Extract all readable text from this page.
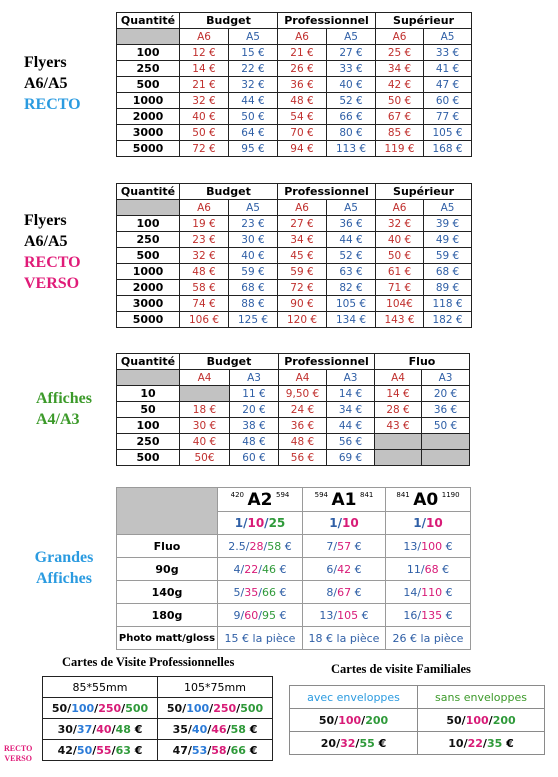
Flyers
A6/A5
RECTO
Quantité	Budget		Professionnel		Supérieur	
	A6	A5	A6	A5	A6	A5
100	12 €	15 €	21 €	27 €	25 €	33 €
250	14 €	22 €	26 €	33 €	34 €	41 €
500	21 €	32 €	36 €	40 €	42 €	47 €
1000	32 €	44 €	48 €	52 €	50 €	60 €
2000	40 €	50 €	54 €	66 €	67 €	77 €
3000	50 €	64 €	70 €	80 €	85 €	105 €
5000	72 €	95 €	94 €	113 €	119 €	168 €
Flyers
A6/A5
RECTO
VERSO
Quantité	Budget		Professionnel		Supérieur	
	A6	A5	A6	A5	A6	A5
100	19 €	23 €	27 €	36 €	32 €	39 €
250	23 €	30 €	34 €	44 €	40 €	49 €
500	32 €	40 €	45 €	52 €	50 €	59 €
1000	48 €	59 €	59 €	63 €	61 €	68 €
2000	58 €	68 €	72 €	82 €	71 €	89 €
3000	74 €	88 €	90 €	105 €	104€	118 €
5000	106 €	125 €	120 €	134 €	143 €	182 €
Affiches
A4/A3
Quantité	Budget		Professionnel		Fluo	
	A4	A3	A4	A3	A4	A3
10		11 €	9,50 €	14 €	14 €	20 €
50	18 €	20 €	24 €	34 €	28 €	36 €
100	30 €	38 €	36 €	44 €	43 €	50 €
250	40 €	48 €	48 €	56 €		
500	50€	60 €	56 €	69 €		
Grandes
Affiches
	$^{420}$ A2 $^{594}$	$^{594}$ A1 $^{841}$	$^{841}$ A0 $^{1190}$
	1/10/25	1/10	1/10
Fluo	2.5/28/58 €	7/57 €	13/100 €
90g	4/22/46 €	6/42 €	11/68 €
140g	5/35/66 €	8/67 €	14/110 €
180g	9/60/95 €	13/105 €	16/135 €
Photo matt/gloss	15 € la pièce	18 € la pièce	26 € la pièce
Cartes de Visite Professionnelles
RECTO
VERSO
85*55mm	105*75mm
50/100/250/500	50/100/250/500
30/37/40/48 €	35/40/46/58 €
42/50/55/63 €	47/53/58/66 €
Cartes de visite Familiales
avec enveloppes	sans enveloppes
50/100/200	50/100/200
20/32/55 €	10/22/35 €
